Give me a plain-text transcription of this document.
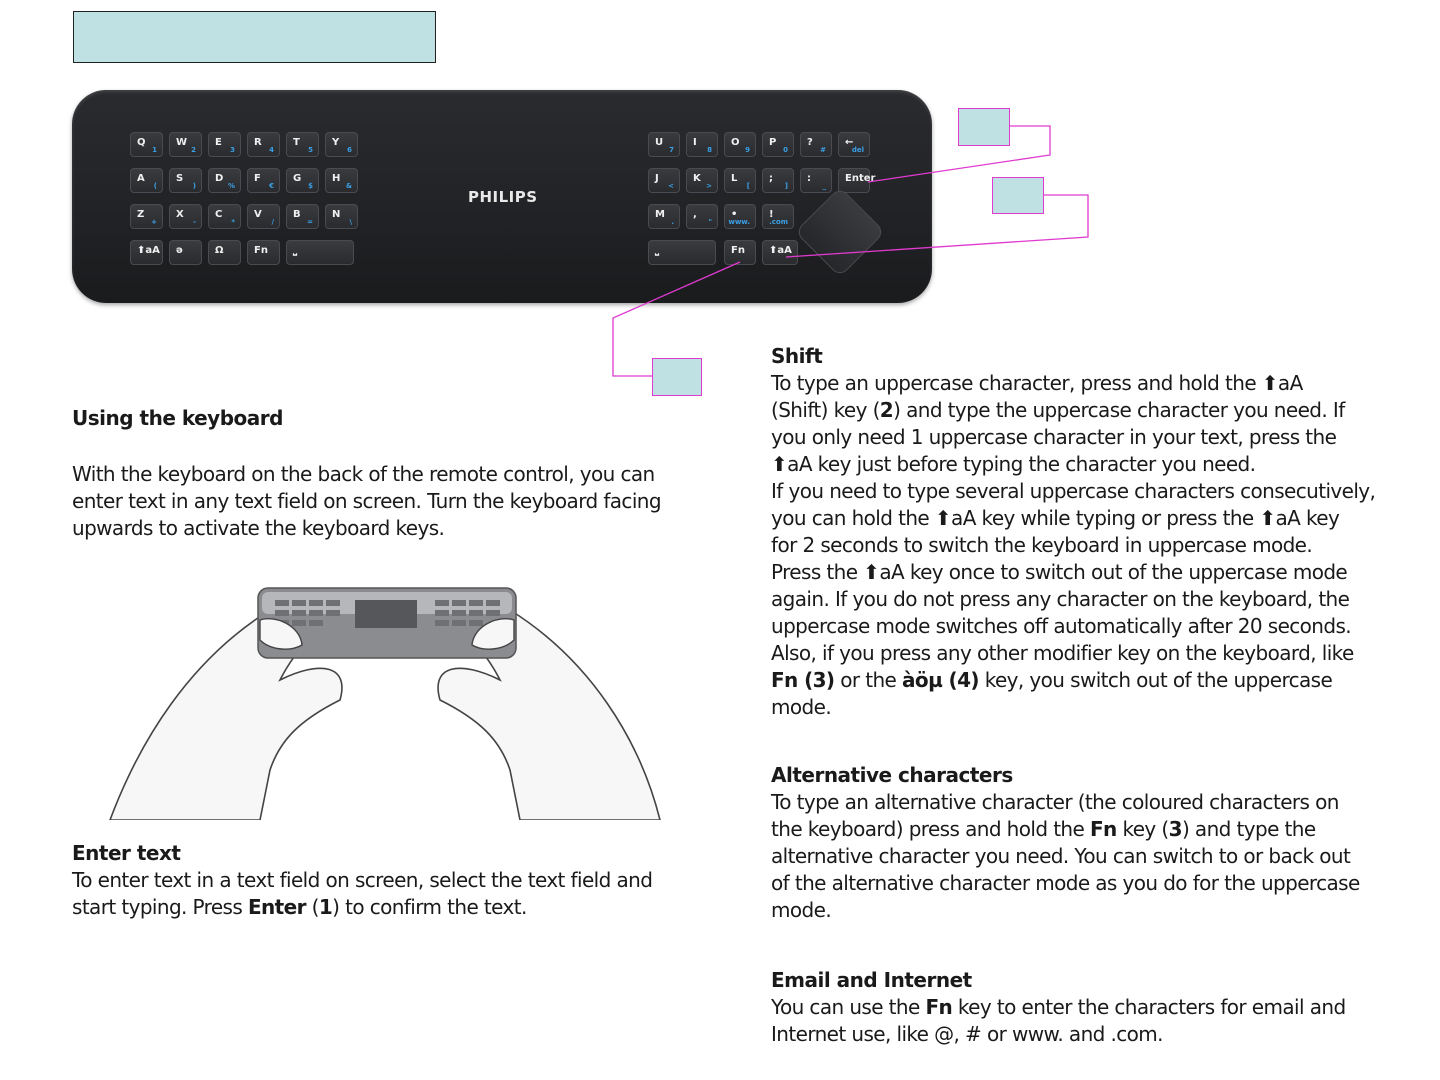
Q
1
W
2
E
3
R
4
T
5
Y
6
A
(
S
)
D
%
F
€
G
$
H
&
Z
+
X
-
C
*
V
/
B
=
N
\
⬆aA ə	Ω	Fn	⎵
U
7
I
8
O
9
P
0
?
#
←
del
J
<
K
>
L
[
;
]
:
_
Enter
M
.
,
"
•
www.
!
.com
⎵	Fn ⬆aA
PHILIPS
Using the keyboard
With the keyboard on the back of the remote control, you can
enter text in any text field on screen. Turn the keyboard facing
upwards to activate the keyboard keys.
Enter text
To enter text in a text field on screen, select the text field and
start typing. Press Enter (1) to confirm the text.
Shift
To type an uppercase character, press and hold the ⬆aA
(Shift) key (2) and type the uppercase character you need. If
you only need 1 uppercase character in your text, press the
⬆aA key just before typing the character you need.
If you need to type several uppercase characters consecutively,
you can hold the ⬆aA key while typing or press the ⬆aA key
for 2 seconds to switch the keyboard in uppercase mode.
Press the ⬆aA key once to switch out of the uppercase mode
again. If you do not press any character on the keyboard, the
uppercase mode switches off automatically after 20 seconds.
Also, if you press any other modifier key on the keyboard, like
Fn (3) or the àöµ (4) key, you switch out of the uppercase
mode.
Alternative characters
To type an alternative character (the coloured characters on
the keyboard) press and hold the Fn key (3) and type the
alternative character you need. You can switch to or back out
of the alternative character mode as you do for the uppercase
mode.
Email and Internet
You can use the Fn key to enter the characters for email and
Internet use, like @, # or www. and .com.
